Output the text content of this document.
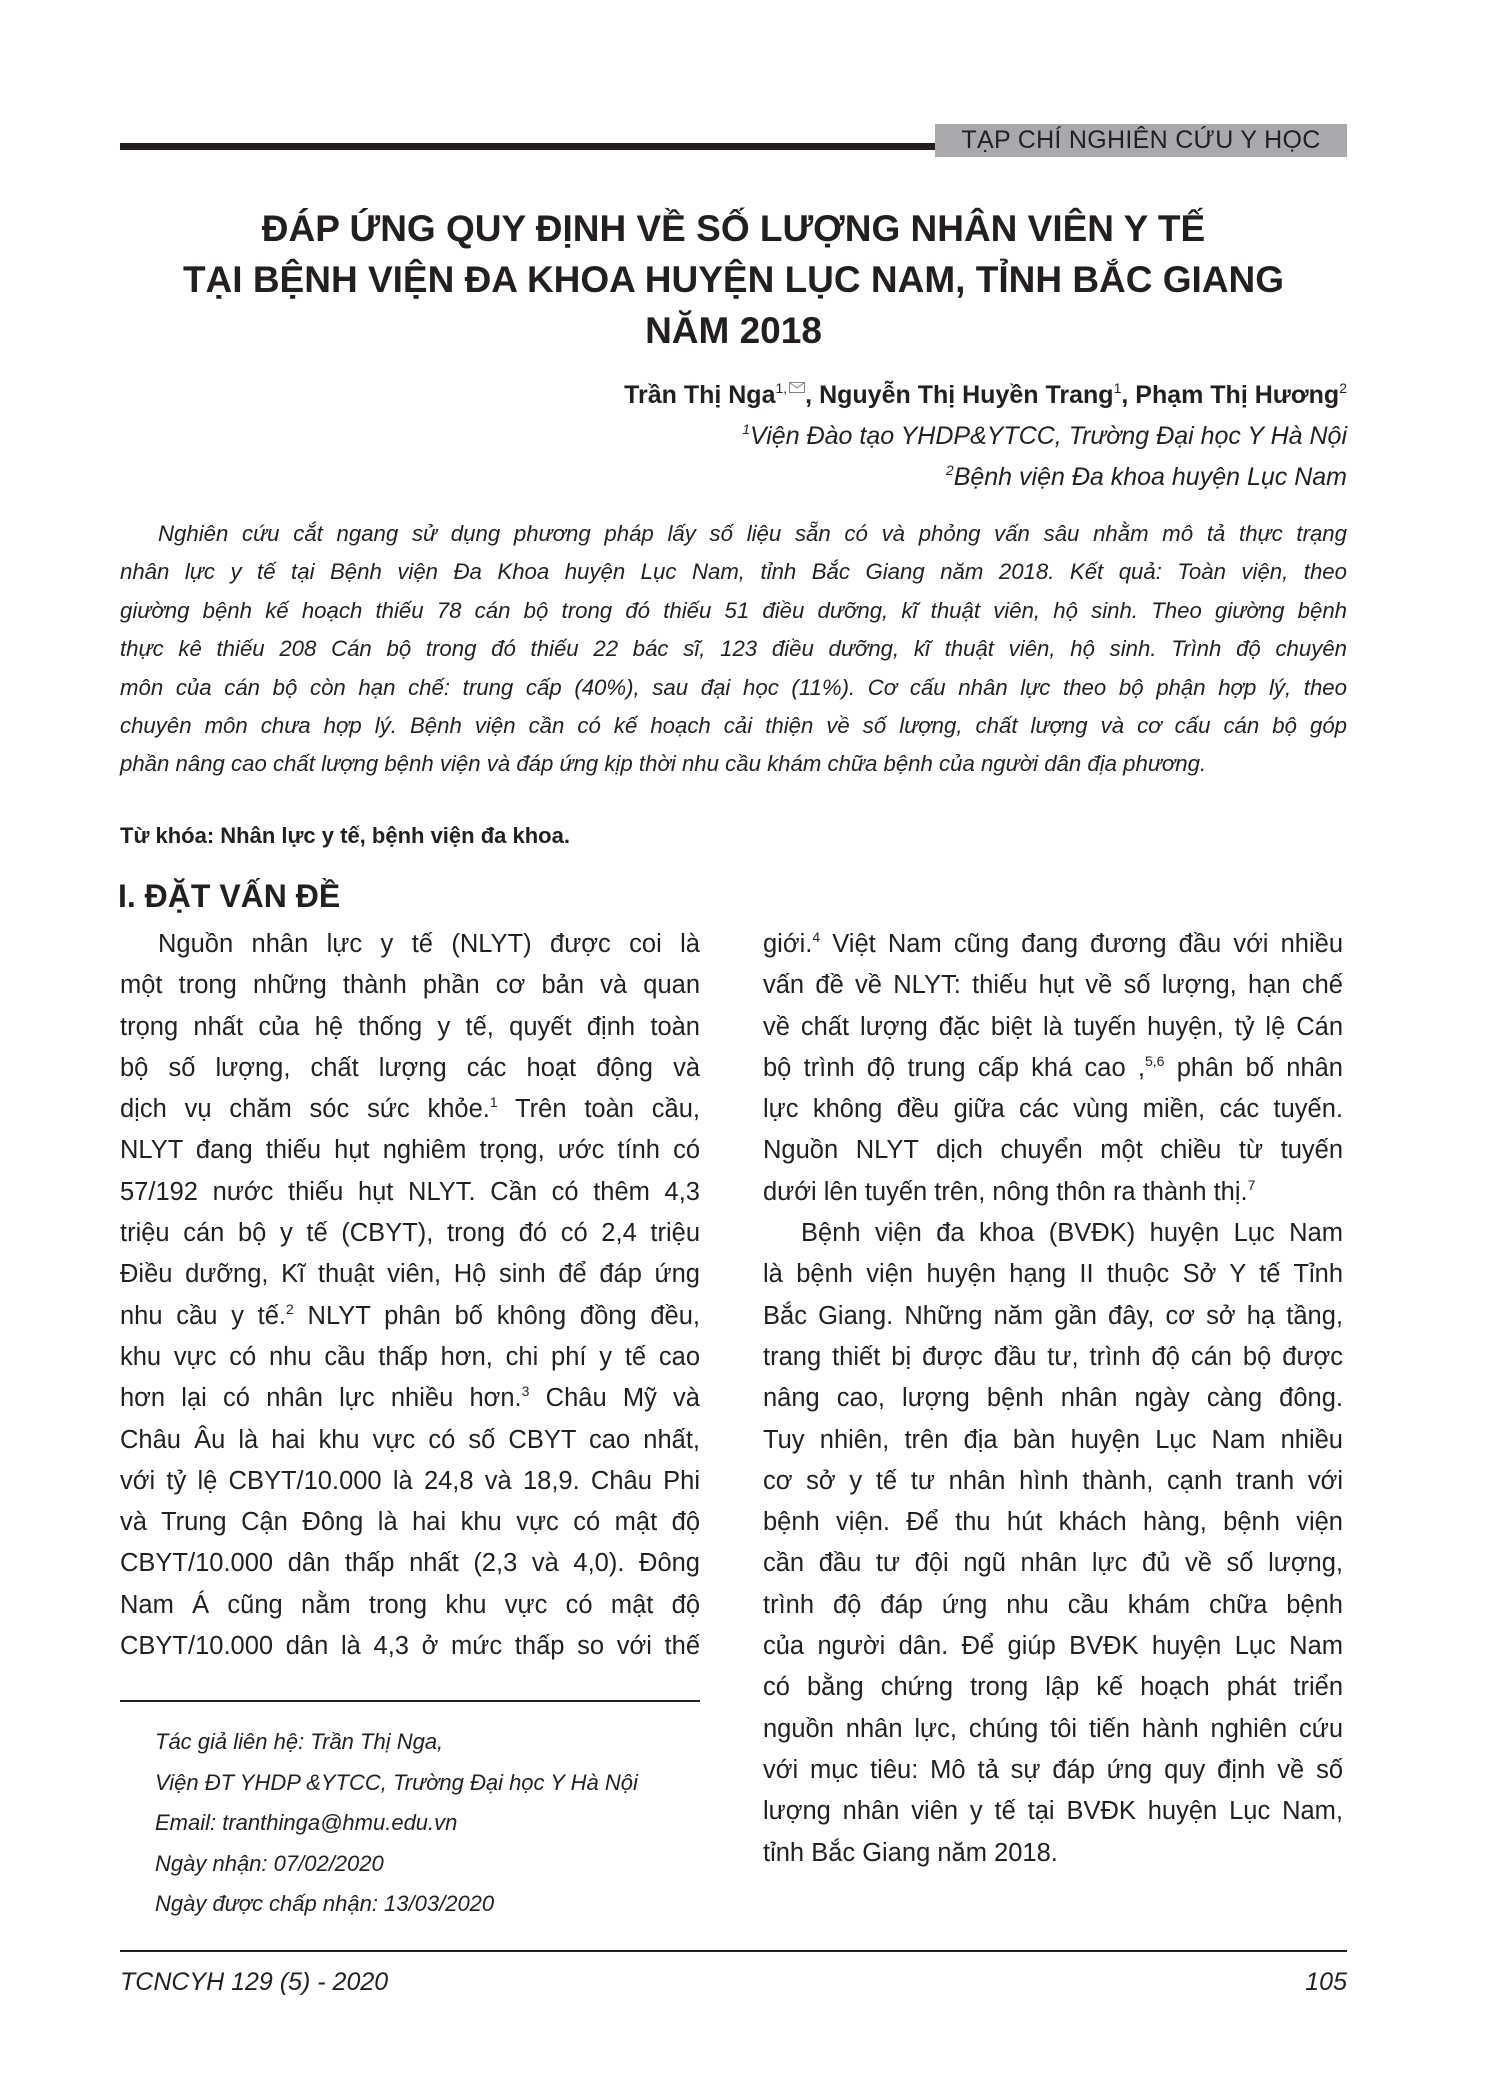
TẠP CHÍ NGHIÊN CỨU Y HỌC
ĐÁP ỨNG QUY ĐỊNH VỀ SỐ LƯỢNG NHÂN VIÊN Y TẾ
TẠI BỆNH VIỆN ĐA KHOA HUYỆN LỤC NAM, TỈNH BẮC GIANG
NĂM 2018
Trần Thị Nga$^{1,}$ , Nguyễn Thị Huyền Trang$^1$, Phạm Thị Hương$^2$
$^1$Viện Đào tạo YHDP&YTCC, Trường Đại học Y Hà Nội
$^2$Bệnh viện Đa khoa huyện Lục Nam
Nghiên cứu cắt ngang sử dụng phương pháp lấy số liệu sẵn có và phỏng vấn sâu nhằm mô tả thực trạng
nhân lực y tế tại Bệnh viện Đa Khoa huyện Lục Nam, tỉnh Bắc Giang năm 2018. Kết quả: Toàn viện, theo
giường bệnh kế hoạch thiếu 78 cán bộ trong đó thiếu 51 điều dưỡng, kĩ thuật viên, hộ sinh. Theo giường bệnh
thực kê thiếu 208 Cán bộ trong đó thiếu 22 bác sĩ, 123 điều dưỡng, kĩ thuật viên, hộ sinh. Trình độ chuyên
môn của cán bộ còn hạn chế: trung cấp (40%), sau đại học (11%). Cơ cấu nhân lực theo bộ phận hợp lý, theo
chuyên môn chưa hợp lý. Bệnh viện cần có kế hoạch cải thiện về số lượng, chất lượng và cơ cấu cán bộ góp
phần nâng cao chất lượng bệnh viện và đáp ứng kịp thời nhu cầu khám chữa bệnh của người dân địa phương.
Từ khóa: Nhân lực y tế, bệnh viện đa khoa.
I. ĐẶT VẤN ĐỀ
Nguồn nhân lực y tế (NLYT) được coi là
một trong những thành phần cơ bản và quan
trọng nhất của hệ thống y tế, quyết định toàn
bộ số lượng, chất lượng các hoạt động và
dịch vụ chăm sóc sức khỏe.$^1$ Trên toàn cầu,
NLYT đang thiếu hụt nghiêm trọng, ước tính có
57/192 nước thiếu hụt NLYT. Cần có thêm 4,3
triệu cán bộ y tế (CBYT), trong đó có 2,4 triệu
Điều dưỡng, Kĩ thuật viên, Hộ sinh để đáp ứng
nhu cầu y tế.$^2$ NLYT phân bố không đồng đều,
khu vực có nhu cầu thấp hơn, chi phí y tế cao
hơn lại có nhân lực nhiều hơn.$^3$ Châu Mỹ và
Châu Âu là hai khu vực có số CBYT cao nhất,
với tỷ lệ CBYT/10.000 là 24,8 và 18,9. Châu Phi
và Trung Cận Đông là hai khu vực có mật độ
CBYT/10.000 dân thấp nhất (2,3 và 4,0). Đông
Nam Á cũng nằm trong khu vực có mật độ
CBYT/10.000 dân là 4,3 ở mức thấp so với thế
giới.$^4$ Việt Nam cũng đang đương đầu với nhiều
vấn đề về NLYT: thiếu hụt về số lượng, hạn chế
về chất lượng đặc biệt là tuyến huyện, tỷ lệ Cán
bộ trình độ trung cấp khá cao ,$^{5,6}$ phân bố nhân
lực không đều giữa các vùng miền, các tuyến.
Nguồn NLYT dịch chuyển một chiều từ tuyến
dưới lên tuyến trên, nông thôn ra thành thị.$^7$
Bệnh viện đa khoa (BVĐK) huyện Lục Nam
là bệnh viện huyện hạng II thuộc Sở Y tế Tỉnh
Bắc Giang. Những năm gần đây, cơ sở hạ tầng,
trang thiết bị được đầu tư, trình độ cán bộ được
nâng cao, lượng bệnh nhân ngày càng đông.
Tuy nhiên, trên địa bàn huyện Lục Nam nhiều
cơ sở y tế tư nhân hình thành, cạnh tranh với
bệnh viện. Để thu hút khách hàng, bệnh viện
cần đầu tư đội ngũ nhân lực đủ về số lượng,
trình độ đáp ứng nhu cầu khám chữa bệnh
của người dân. Để giúp BVĐK huyện Lục Nam
có bằng chứng trong lập kế hoạch phát triển
nguồn nhân lực, chúng tôi tiến hành nghiên cứu
với mục tiêu: Mô tả sự đáp ứng quy định về số
lượng nhân viên y tế tại BVĐK huyện Lục Nam,
tỉnh Bắc Giang năm 2018.
Tác giả liên hệ: Trần Thị Nga,
Viện ĐT YHDP &YTCC, Trường Đại học Y Hà Nội
Email: tranthinga@hmu.edu.vn
Ngày nhận: 07/02/2020
Ngày được chấp nhận: 13/03/2020
TCNCYH 129 (5) - 2020	105
